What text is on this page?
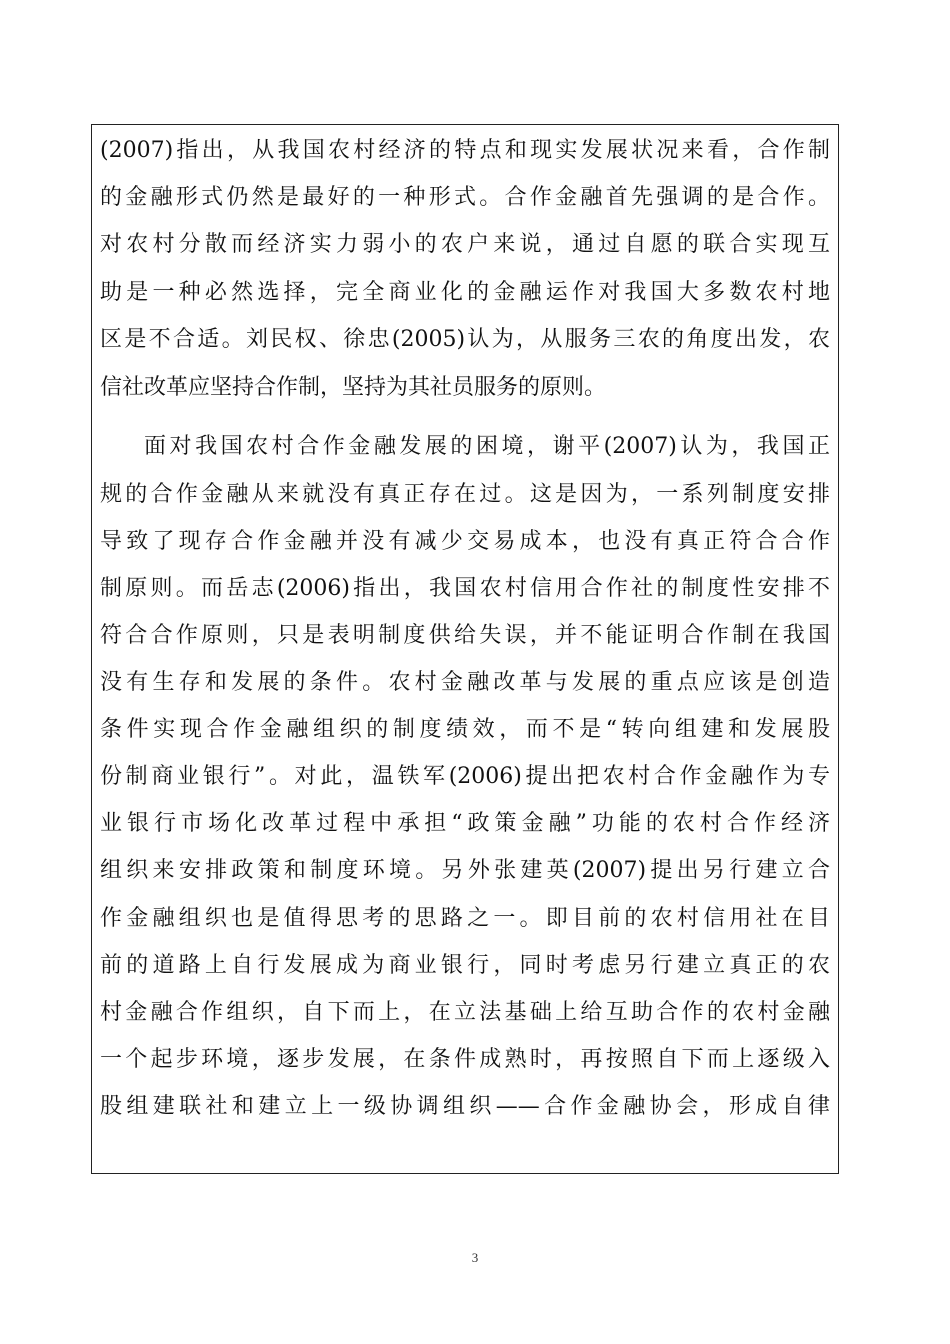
(2007)指出，从我国农村经济的特点和现实发展状况来看，合作制
的金融形式仍然是最好的一种形式。合作金融首先强调的是合作。
对农村分散而经济实力弱小的农户来说，通过自愿的联合实现互
助是一种必然选择，完全商业化的金融运作对我国大多数农村地
区是不合适。刘民权、徐忠(2005)认为，从服务三农的角度出发，农
信社改革应坚持合作制，坚持为其社员服务的原则。
面对我国农村合作金融发展的困境，谢平(2007)认为，我国正
规的合作金融从来就没有真正存在过。这是因为，一系列制度安排
导致了现存合作金融并没有减少交易成本，也没有真正符合合作
制原则。而岳志(2006)指出，我国农村信用合作社的制度性安排不
符合合作原则，只是表明制度供给失误，并不能证明合作制在我国
没有生存和发展的条件。农村金融改革与发展的重点应该是创造
条件实现合作金融组织的制度绩效，而不是“转向组建和发展股
份制商业银行”。对此，温铁军(2006)提出把农村合作金融作为专
业银行市场化改革过程中承担“政策金融”功能的农村合作经济
组织来安排政策和制度环境。另外张建英(2007)提出另行建立合
作金融组织也是值得思考的思路之一。即目前的农村信用社在目
前的道路上自行发展成为商业银行，同时考虑另行建立真正的农
村金融合作组织，自下而上，在立法基础上给互助合作的农村金融
一个起步环境，逐步发展，在条件成熟时，再按照自下而上逐级入
股组建联社和建立上一级协调组织——合作金融协会，形成自律
3
